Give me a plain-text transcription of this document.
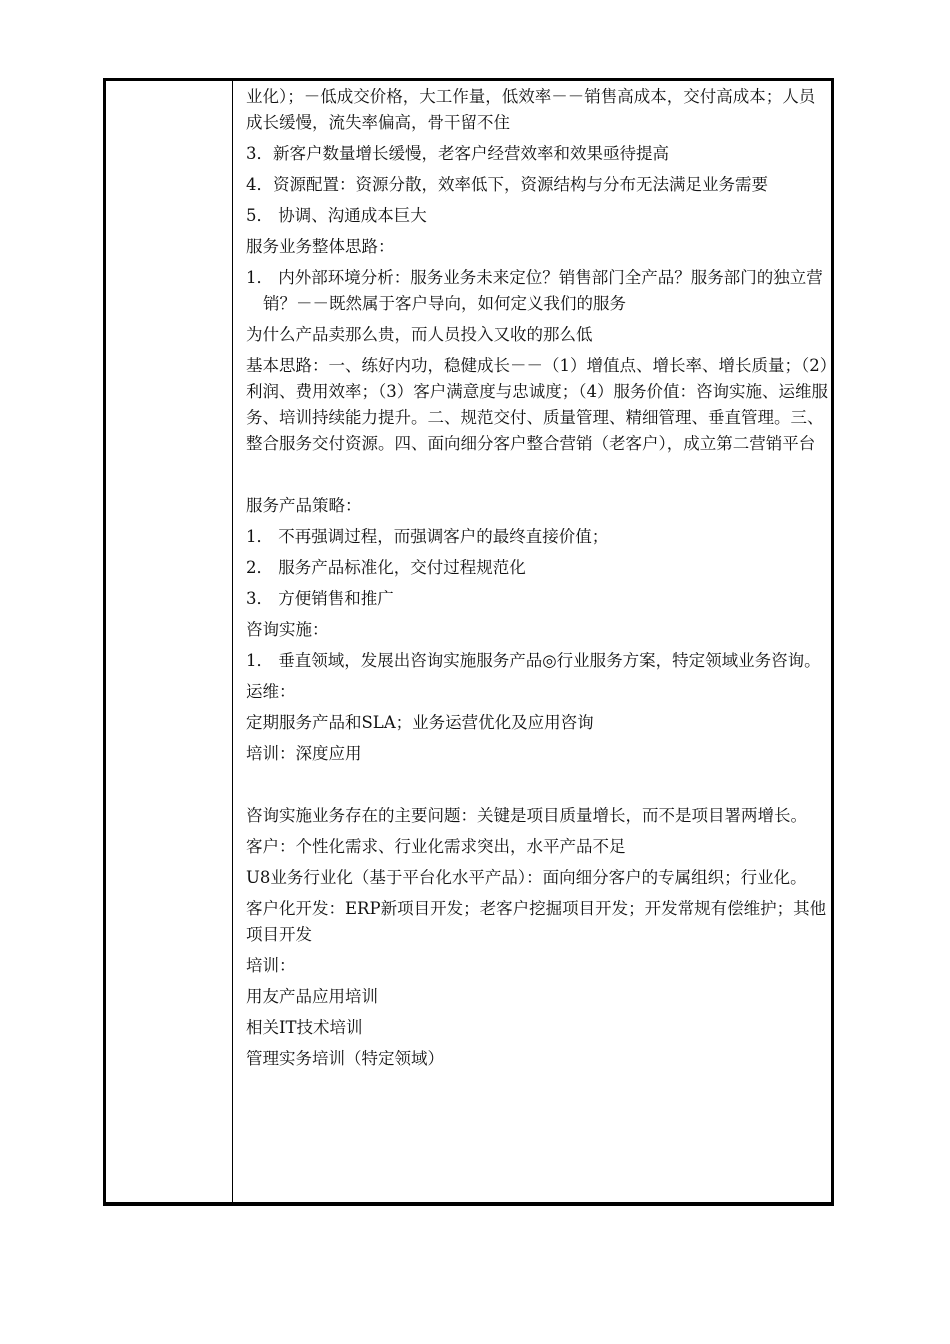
业化）；－低成交价格，大工作量，低效率－－销售高成本，交付高成本；人员成长缓慢，流失率偏高，骨干留不住

3．新客户数量增长缓慢，老客户经营效率和效果亟待提高

4．资源配置：资源分散，效率低下，资源结构与分布无法满足业务需要

5． 协调、沟通成本巨大

服务业务整体思路：

1． 内外部环境分析：服务业务未来定位？销售部门全产品？服务部门的独立营销？－－既然属于客户导向，如何定义我们的服务

为什么产品卖那么贵，而人员投入又收的那么低

基本思路：一、练好内功，稳健成长－－（1）增值点、增长率、增长质量；（2）利润、费用效率；（3）客户满意度与忠诚度；（4）服务价值：咨询实施、运维服务、培训持续能力提升。二、规范交付、质量管理、精细管理、垂直管理。三、整合服务交付资源。四、面向细分客户整合营销（老客户），成立第二营销平台

服务产品策略：

1． 不再强调过程，而强调客户的最终直接价值；

2． 服务产品标准化，交付过程规范化

3． 方便销售和推广

咨询实施：

1． 垂直领域，发展出咨询实施服务产品◎行业服务方案，特定领域业务咨询。

运维：

定期服务产品和SLA；业务运营优化及应用咨询

培训：深度应用

咨询实施业务存在的主要问题：关键是项目质量增长，而不是项目署两增长。

客户：个性化需求、行业化需求突出，水平产品不足

U8业务行业化（基于平台化水平产品）：面向细分客户的专属组织；行业化。

客户化开发：ERP新项目开发；老客户挖掘项目开发；开发常规有偿维护；其他项目开发

培训：

用友产品应用培训

相关IT技术培训

管理实务培训（特定领域）
